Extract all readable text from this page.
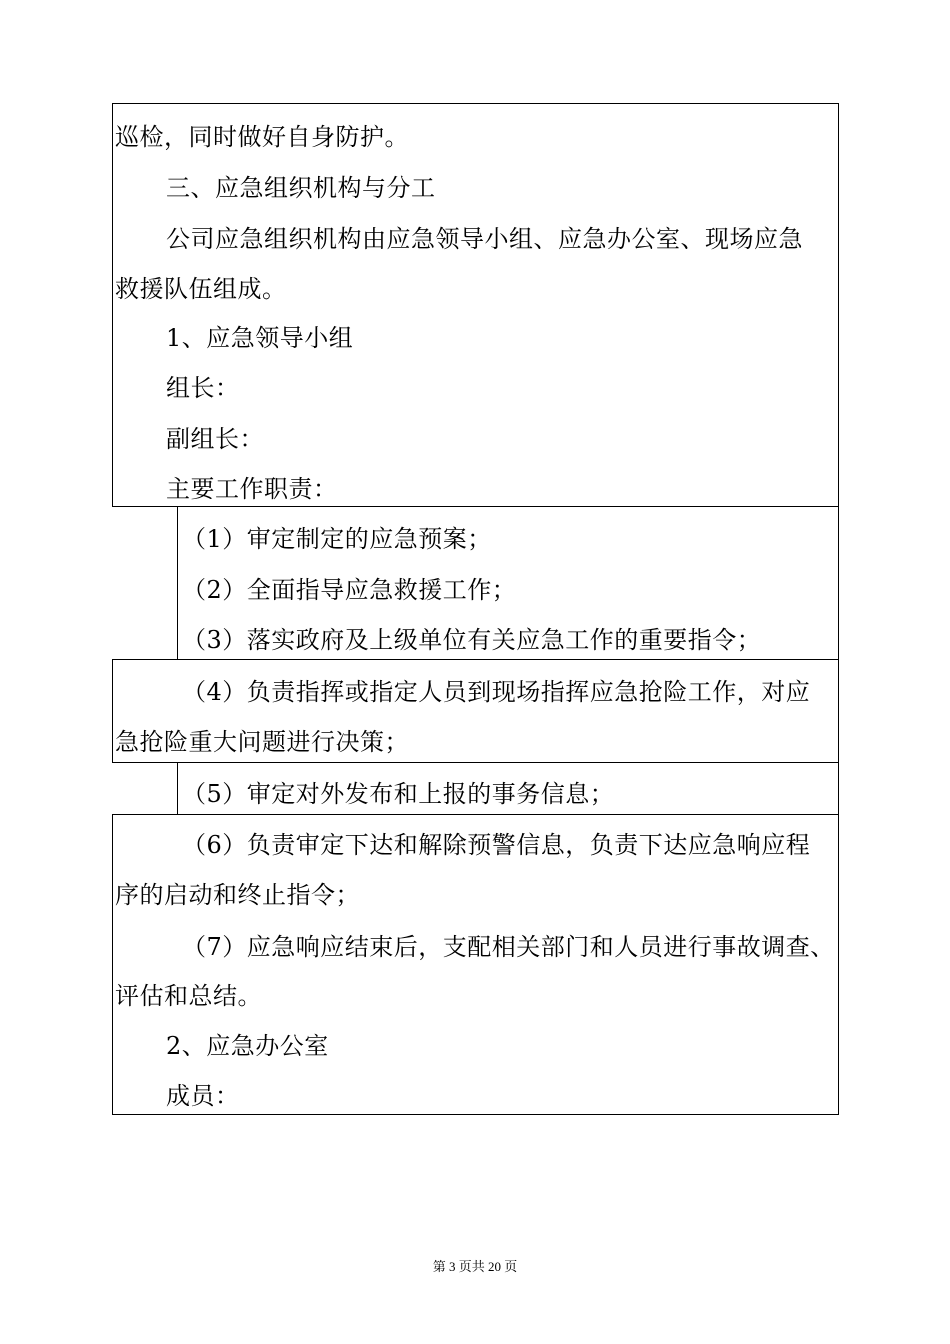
巡检，同时做好自身防护。
三、应急组织机构与分工
公司应急组织机构由应急领导小组、应急办公室、现场应急
救援队伍组成。
1、应急领导小组
组长：
副组长：
主要工作职责：
（1）审定制定的应急预案；
（2）全面指导应急救援工作；
（3）落实政府及上级单位有关应急工作的重要指令；
（4）负责指挥或指定人员到现场指挥应急抢险工作，对应
急抢险重大问题进行决策；
（5）审定对外发布和上报的事务信息；
（6）负责审定下达和解除预警信息，负责下达应急响应程
序的启动和终止指令；
（7）应急响应结束后，支配相关部门和人员进行事故调查、
评估和总结。
2、应急办公室
成员：
第 3 页共 20 页
